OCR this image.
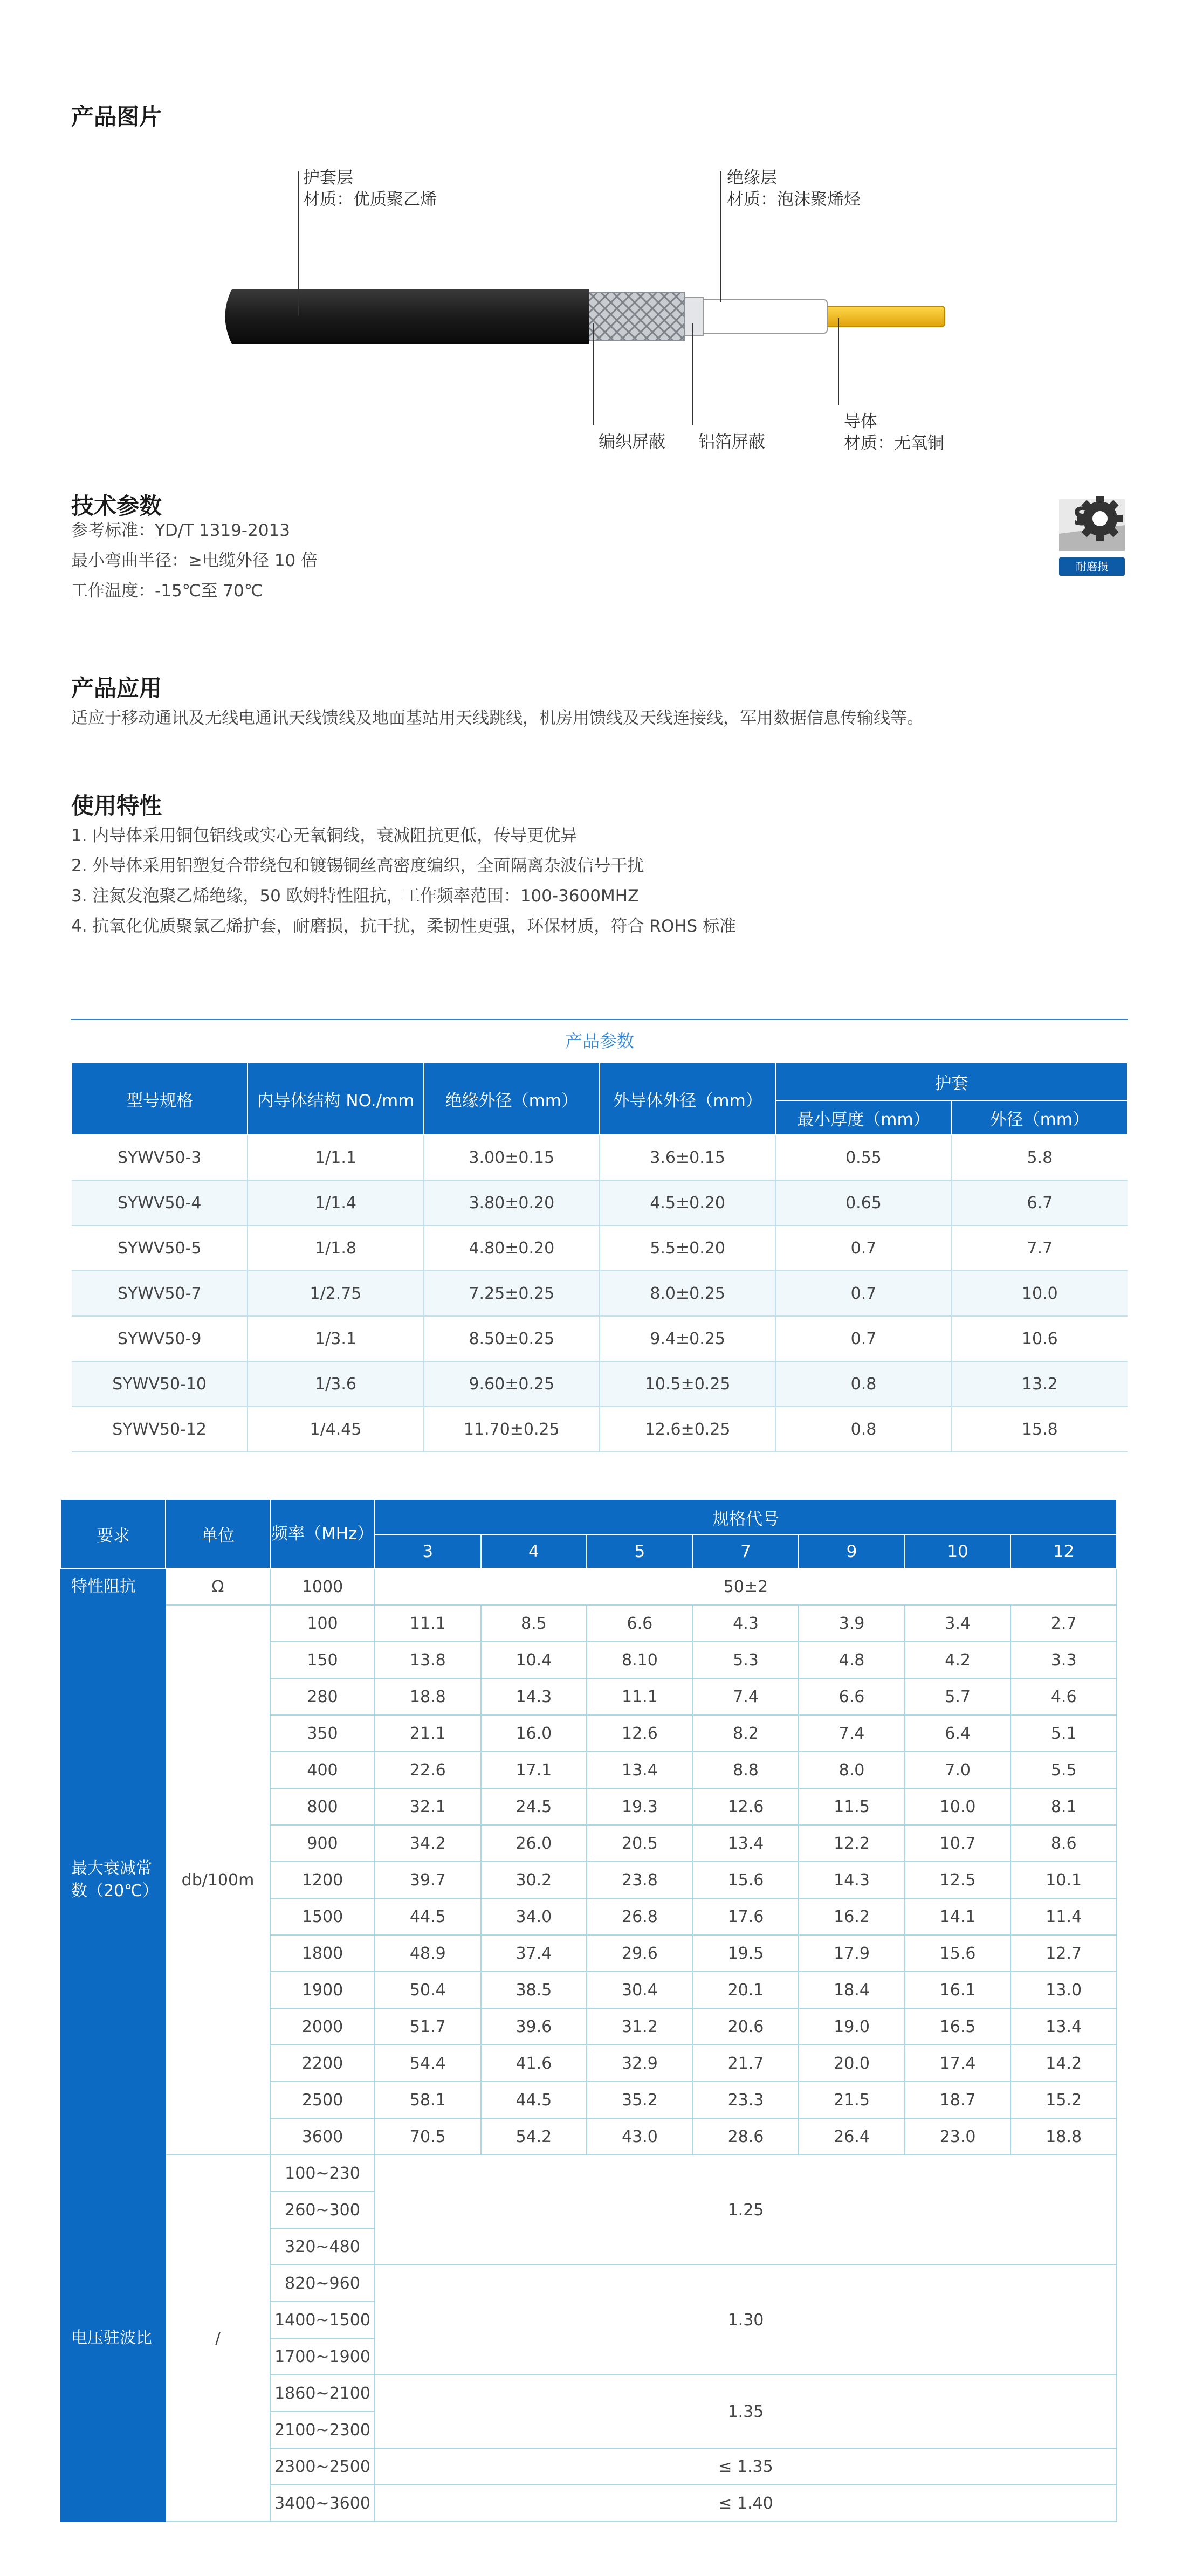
产品图片
护套层
材质：优质聚乙烯
绝缘层
材质：泡沫聚烯烃
编织屏蔽 铝箔屏蔽
导体
材质：无氧铜
技术参数
参考标准：YD/T 1319-2013
最小弯曲半径：≥电缆外径 10 倍
工作温度：-15℃至 70℃
S
耐磨损
产品应用
适应于移动通讯及无线电通讯天线馈线及地面基站用天线跳线，机房用馈线及天线连接线，军用数据信息传输线等。
使用特性
1. 内导体采用铜包铝线或实心无氧铜线，衰减阻抗更低，传导更优异
2. 外导体采用铝塑复合带绕包和镀锡铜丝高密度编织，全面隔离杂波信号干扰
3. 注氮发泡聚乙烯绝缘，50 欧姆特性阻抗，工作频率范围：100-3600MHZ
4. 抗氧化优质聚氯乙烯护套，耐磨损，抗干扰，柔韧性更强，环保材质，符合 ROHS 标准
产品参数
型号规格	内导体结构 NO./mm	绝缘外径（mm）	外导体外径（mm）	护套	
				最小厚度（mm）	外径（mm）
SYWV50-3	1/1.1	3.00±0.15	3.6±0.15	0.55	5.8
SYWV50-4	1/1.4	3.80±0.20	4.5±0.20	0.65	6.7
SYWV50-5	1/1.8	4.80±0.20	5.5±0.20	0.7	7.7
SYWV50-7	1/2.75	7.25±0.25	8.0±0.25	0.7	10.0
SYWV50-9	1/3.1	8.50±0.25	9.4±0.25	0.7	10.6
SYWV50-10	1/3.6	9.60±0.25	10.5±0.25	0.8	13.2
SYWV50-12	1/4.45	11.70±0.25	12.6±0.25	0.8	15.8
要求	单位	频率（MHz）	规格代号						
			3	4	5	7	9	10	12
特性阻抗	Ω	1000	50±2						
最大衰减常数（20℃）	db/100m	100	11.1	8.5	6.6	4.3	3.9	3.4	2.7
		150	13.8	10.4	8.10	5.3	4.8	4.2	3.3
		280	18.8	14.3	11.1	7.4	6.6	5.7	4.6
		350	21.1	16.0	12.6	8.2	7.4	6.4	5.1
		400	22.6	17.1	13.4	8.8	8.0	7.0	5.5
		800	32.1	24.5	19.3	12.6	11.5	10.0	8.1
		900	34.2	26.0	20.5	13.4	12.2	10.7	8.6
		1200	39.7	30.2	23.8	15.6	14.3	12.5	10.1
		1500	44.5	34.0	26.8	17.6	16.2	14.1	11.4
		1800	48.9	37.4	29.6	19.5	17.9	15.6	12.7
		1900	50.4	38.5	30.4	20.1	18.4	16.1	13.0
		2000	51.7	39.6	31.2	20.6	19.0	16.5	13.4
		2200	54.4	41.6	32.9	21.7	20.0	17.4	14.2
		2500	58.1	44.5	35.2	23.3	21.5	18.7	15.2
		3600	70.5	54.2	43.0	28.6	26.4	23.0	18.8
电压驻波比	/	100~230	1.25						
		260~300							
		320~480							
		820~960	1.30						
		1400~1500							
		1700~1900							
		1860~2100	1.35						
		2100~2300							
		2300~2500	≤ 1.35						
		3400~3600	≤ 1.40						
